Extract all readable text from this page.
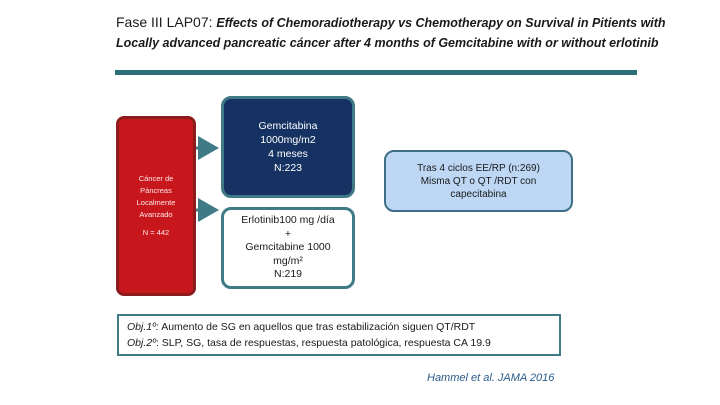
Fase III LAP07: Effects of Chemoradiotherapy vs Chemotherapy on Survival in Pitients with Locally advanced pancreatic cáncer after 4 months of Gemcitabine with or without erlotinib
Cáncer de
Páncreas
Localmente
Avanzado
N = 442
Gemcitabina
1000mg/m2
4 meses
N:223
Erlotinib100 mg /día
+
Gemcitabine 1000
mg/m²
N:219
Tras 4 ciclos EE/RP (n:269)
Misma QT o QT /RDT con
capecitabina
Obj.1º: Aumento de SG en aquellos que tras estabilización siguen QT/RDT
Obj.2º: SLP, SG, tasa de respuestas, respuesta patológica, respuesta CA 19.9
Hammel et al. JAMA 2016
